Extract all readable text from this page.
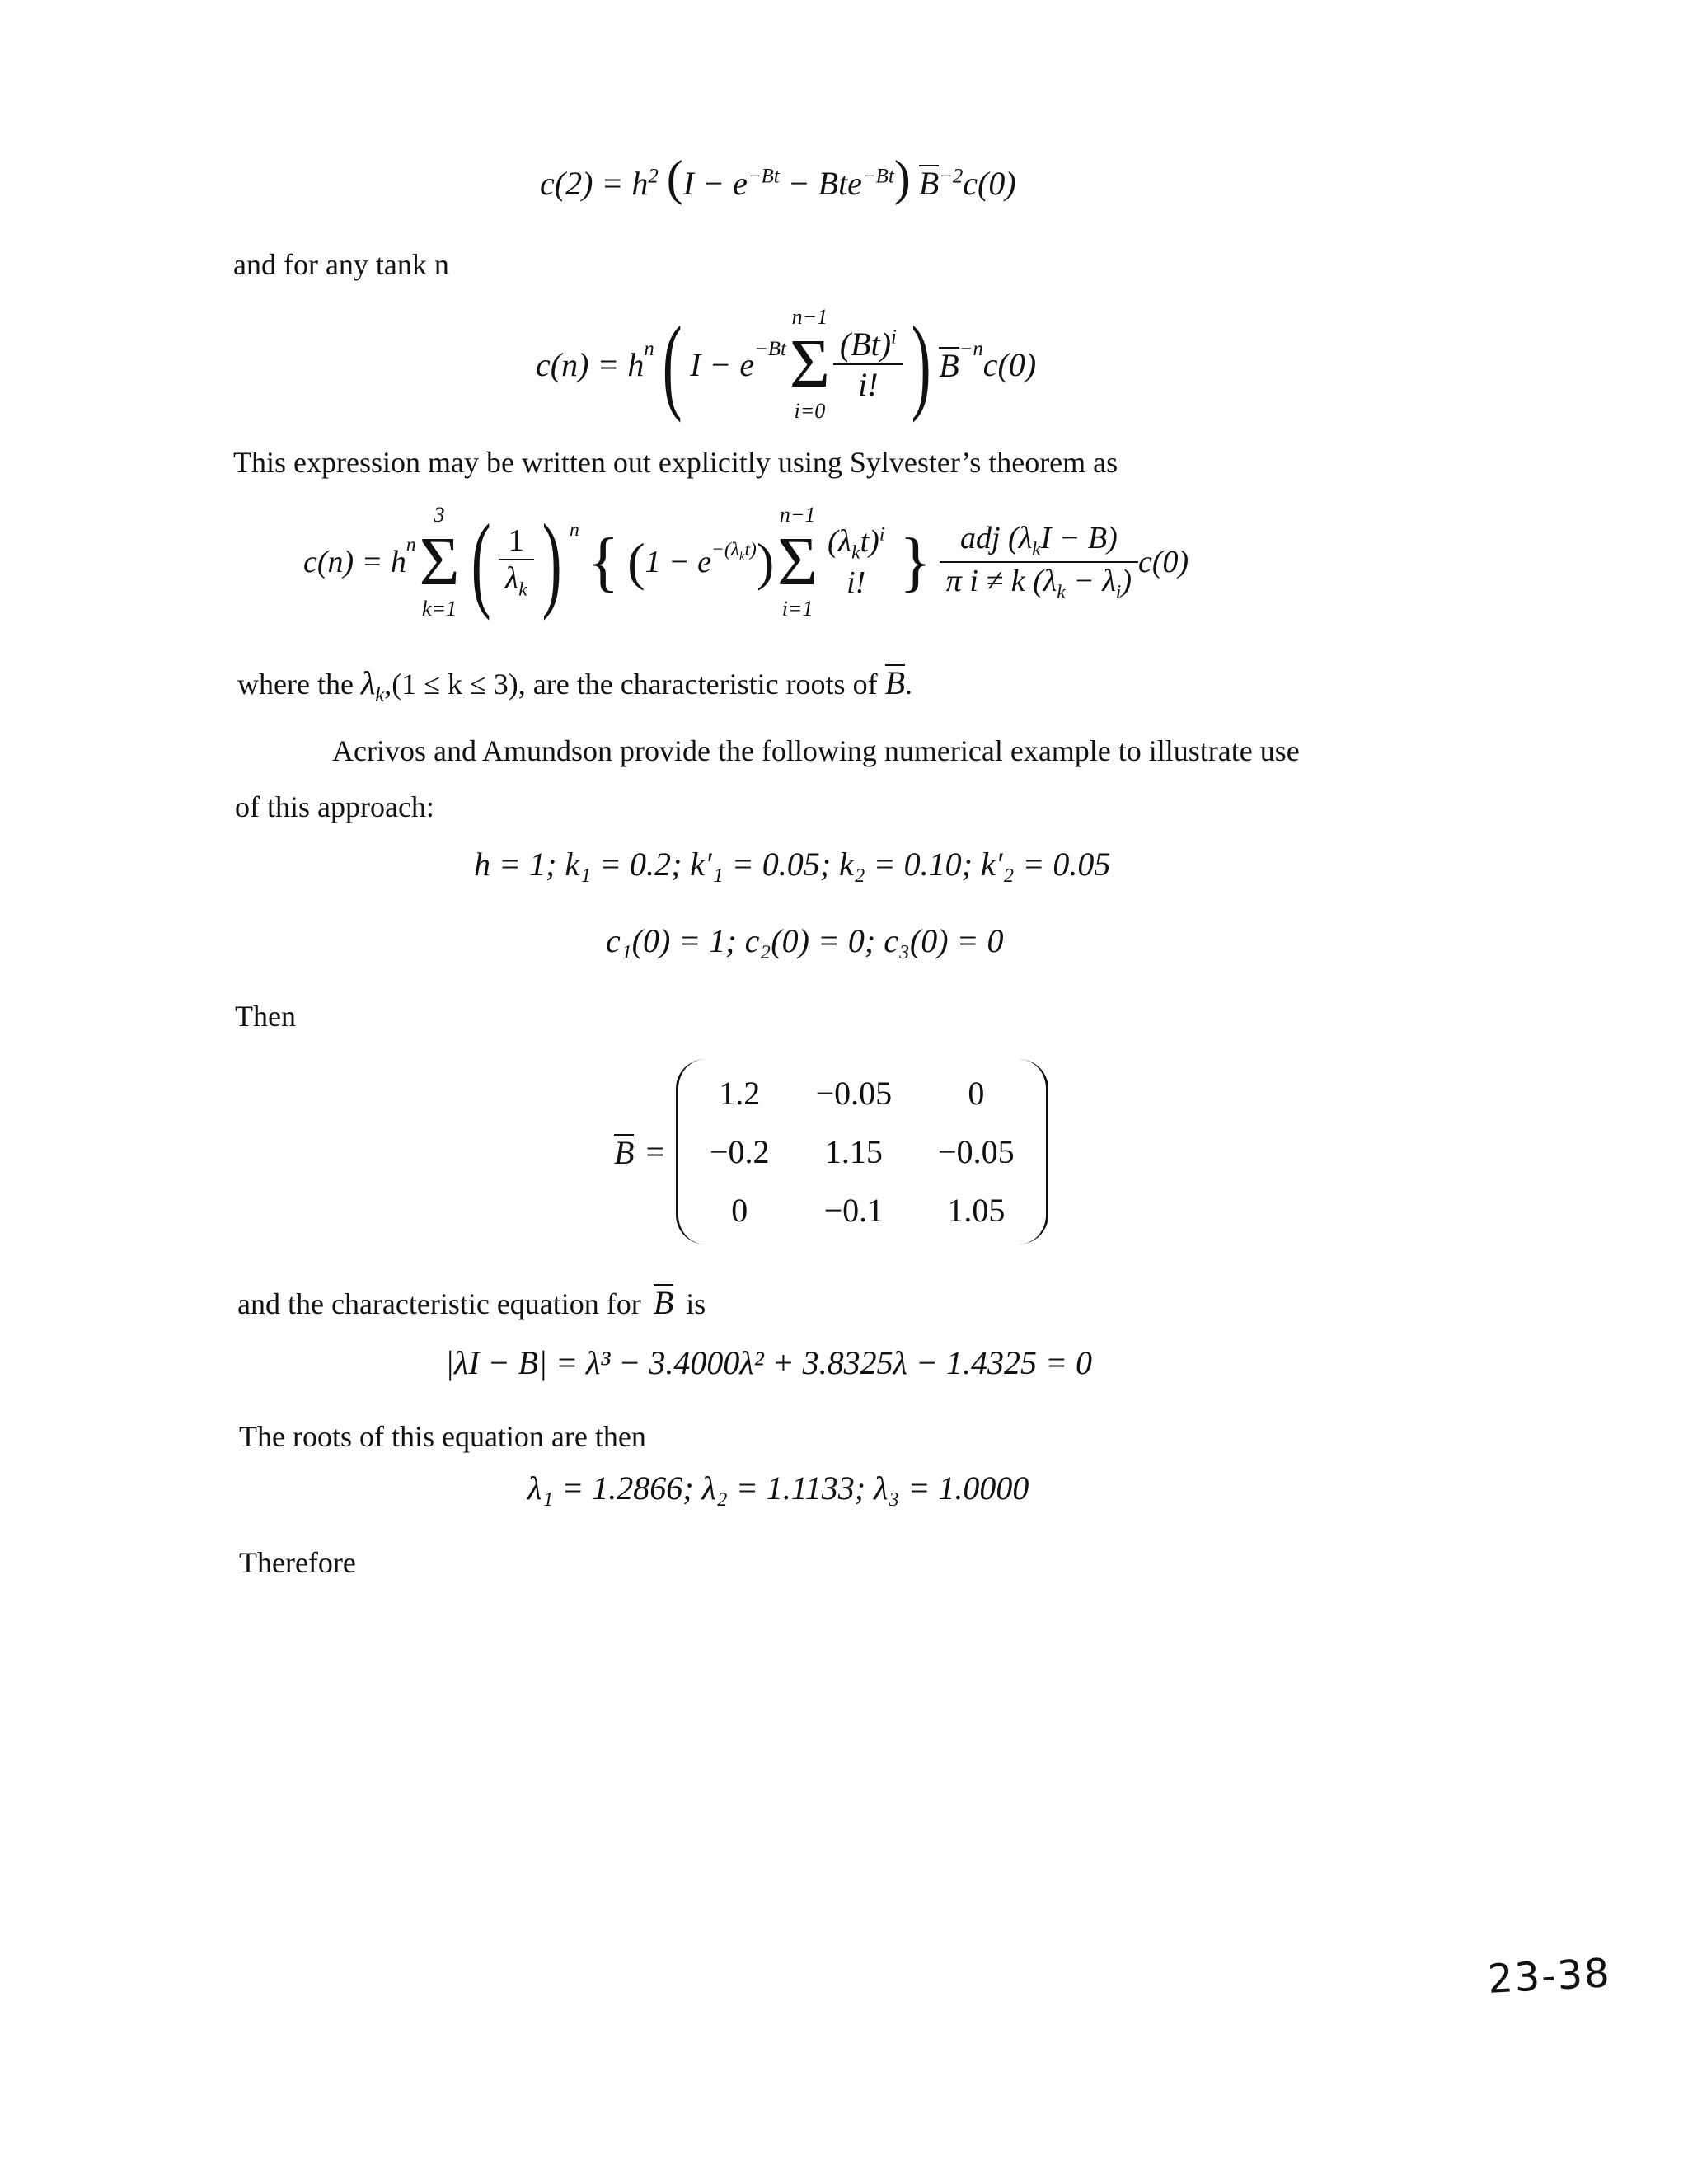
$c(2) = h^2$ $(I - e^{-Bt} - Bte^{-Bt})$ $B^{-2}c(0)$
and for any tank n
$c(n) = h^n$ ( $I - e^{-Bt}$
n−1
Σ
i=0
$\frac{(Bt)^i}{i!}$ ) $B^{-n}$ c(0)
This expression may be written out explicitly using Sylvester’s theorem as
$c(n) = h^n$
3
Σ
k=1 ( $\frac{1}{\lambda_k}$ ) $^n$ { ( 1 − e $^{-(\lambda_kt)}$ )
n−1
Σ
i=1
$(\lambda_kt)^i$
i! } $\frac{adj (\lambda_kI - B)}{\pi i \ne k (\lambda_k - \lambda_i)} c(0)$
where the $\lambda_k,(1 \le k \le 3)$, are the characteristic roots of B.
Acrivos and Amundson provide the following numerical example to illustrate use
of this approach:
h = 1; k₁ = 0.2; k′₁ = 0.05; k₂ = 0.10; k′₂ = 0.05
c₁(0) = 1; c₂(0) = 0; c₃(0) = 0
Then
B =
1.2	−0.05	0
−0.2	1.15	−0.05
0	−0.1	1.05
and the characteristic equation for B is
|λI − B| = λ³ − 3.4000λ² + 3.8325λ − 1.4325 = 0
The roots of this equation are then
λ₁ = 1.2866; λ₂ = 1.1133; λ₃ = 1.0000
Therefore
23-38
